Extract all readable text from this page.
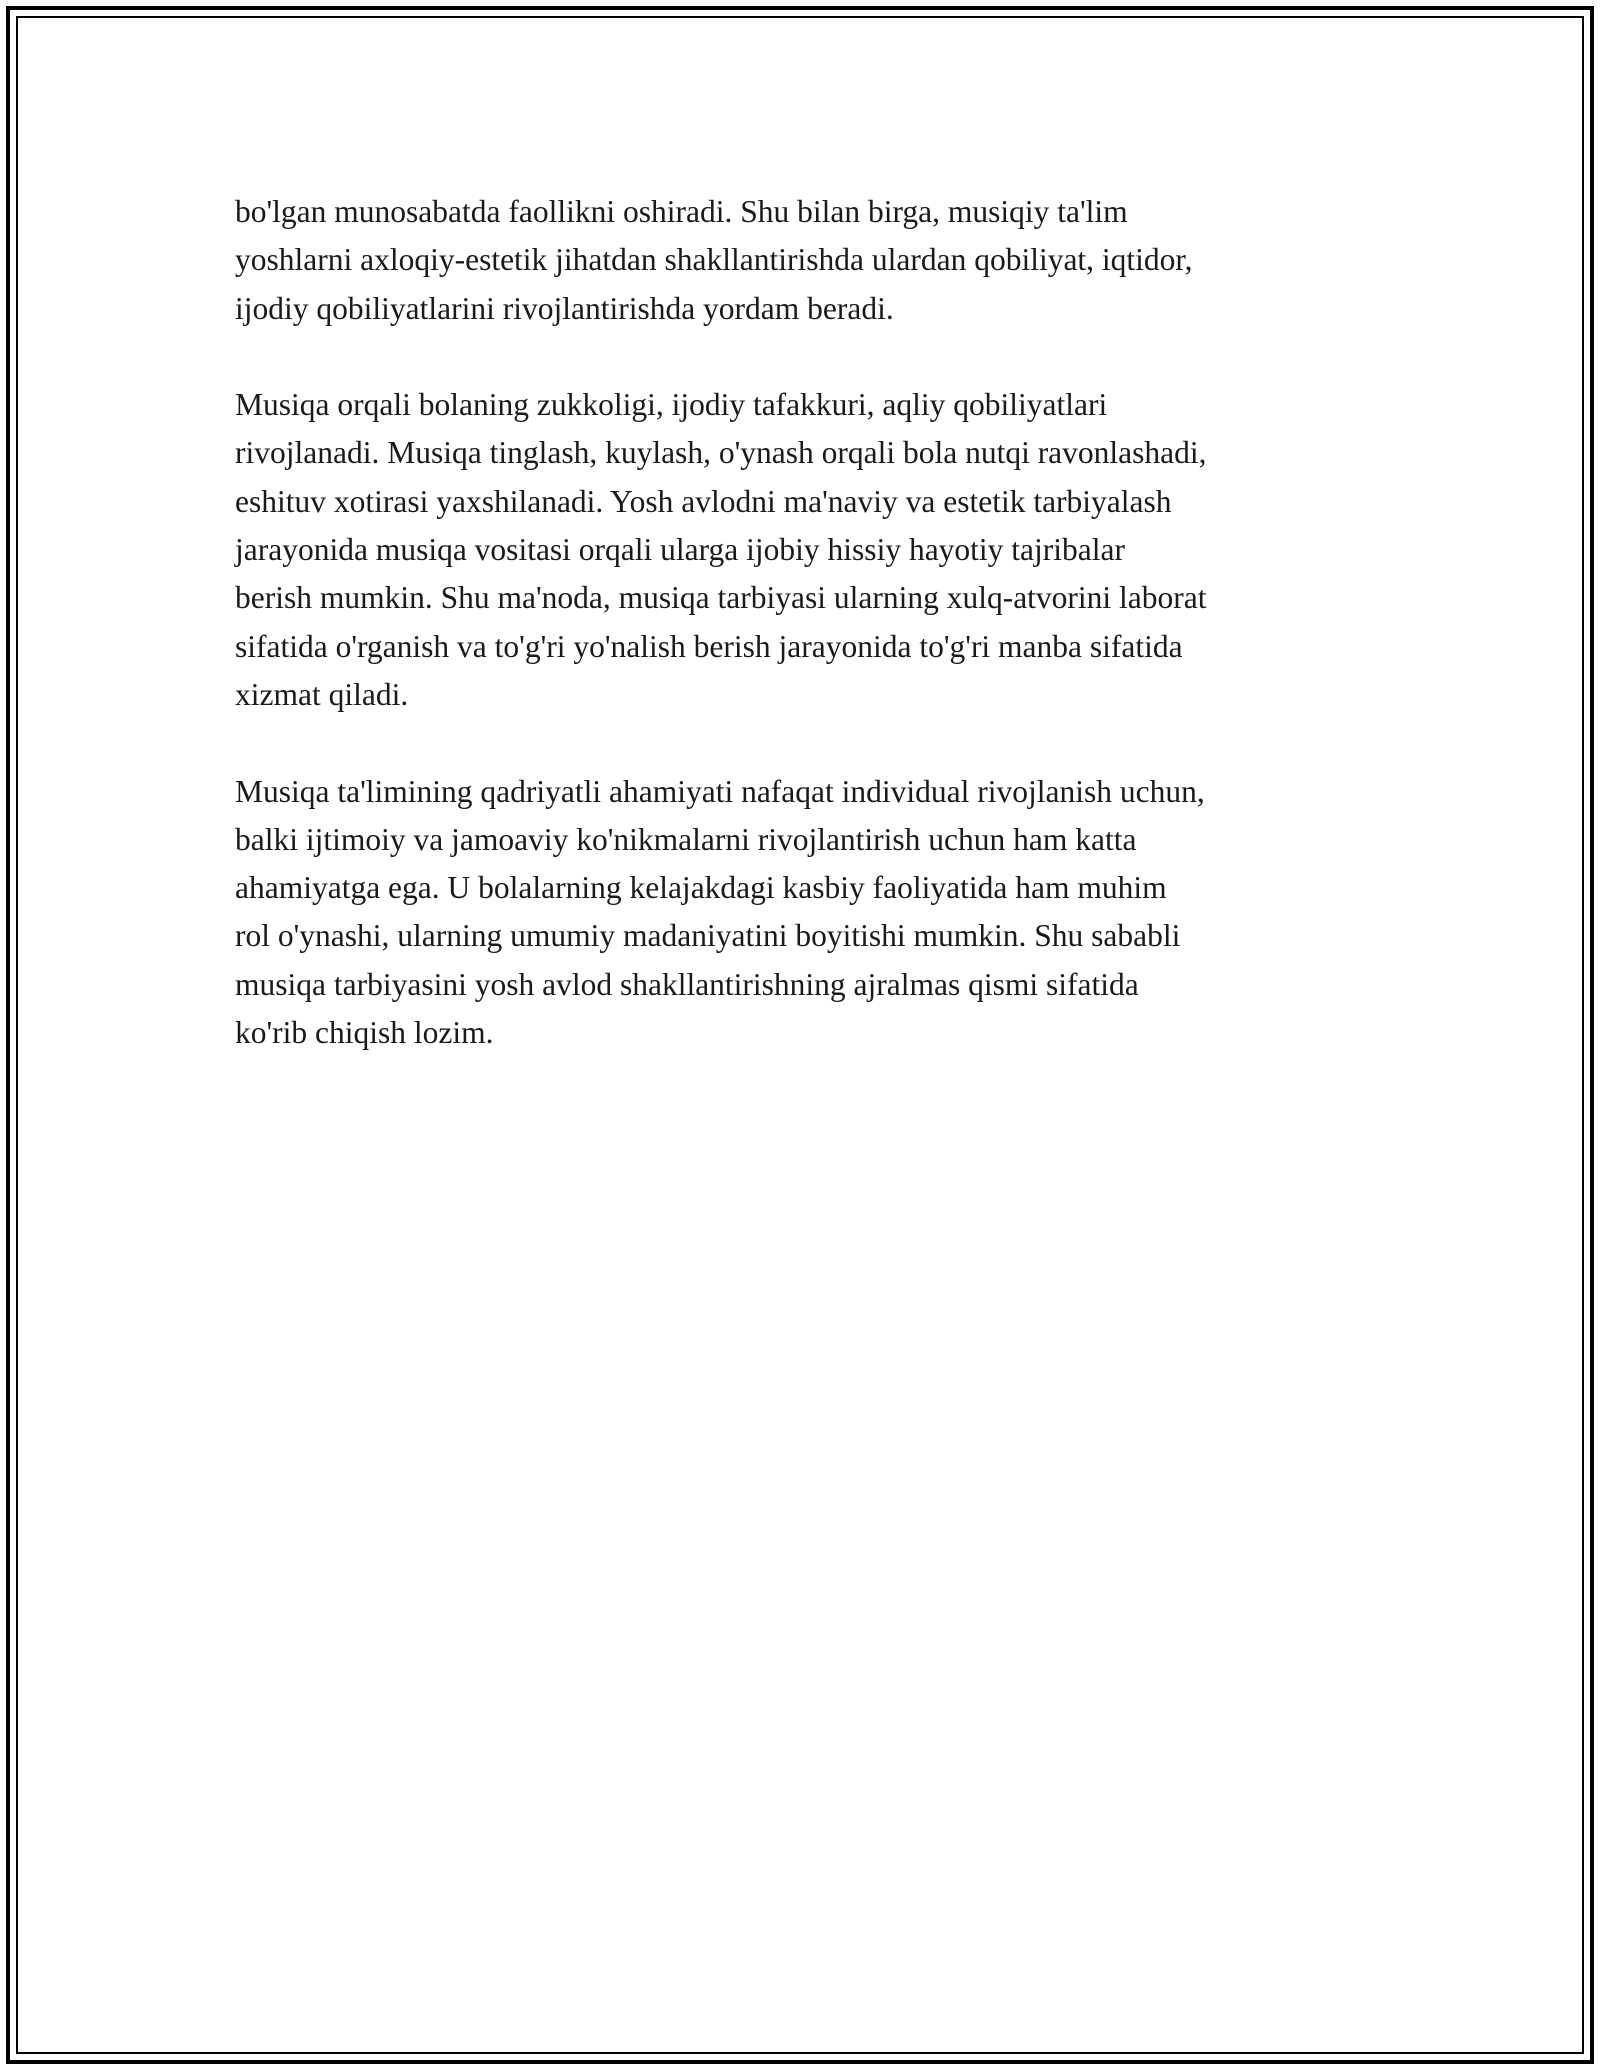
bo'lgan munosabatda faollikni oshiradi. Shu bilan birga, musiqiy ta'lim
yoshlarni axloqiy-estetik jihatdan shakllantirishda ulardan qobiliyat, iqtidor,
ijodiy qobiliyatlarini rivojlantirishda yordam beradi.

Musiqa orqali bolaning zukkoligi, ijodiy tafakkuri, aqliy qobiliyatlari
rivojlanadi. Musiqa tinglash, kuylash, o'ynash orqali bola nutqi ravonlashadi,
eshituv xotirasi yaxshilanadi. Yosh avlodni ma'naviy va estetik tarbiyalash
jarayonida musiqa vositasi orqali ularga ijobiy hissiy hayotiy tajribalar
berish mumkin. Shu ma'noda, musiqa tarbiyasi ularning xulq-atvorini laborat
sifatida o'rganish va to'g'ri yo'nalish berish jarayonida to'g'ri manba sifatida
xizmat qiladi.

Musiqa ta'limining qadriyatli ahamiyati nafaqat individual rivojlanish uchun,
balki ijtimoiy va jamoaviy ko'nikmalarni rivojlantirish uchun ham katta
ahamiyatga ega. U bolalarning kelajakdagi kasbiy faoliyatida ham muhim
rol o'ynashi, ularning umumiy madaniyatini boyitishi mumkin. Shu sababli
musiqa tarbiyasini yosh avlod shakllantirishning ajralmas qismi sifatida
ko'rib chiqish lozim.
